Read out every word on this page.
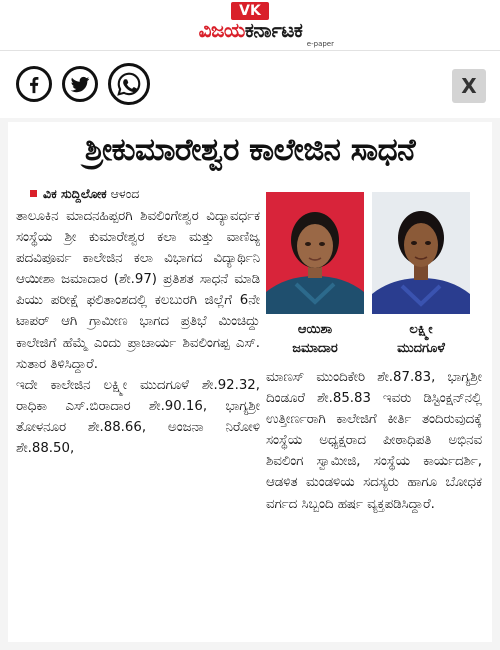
VK
ವಿಜಯಕರ್ನಾಟಕ
e-paper
X
ಶ್ರೀಕುಮಾರೇಶ್ವರ ಕಾಲೇಜಿನ ಸಾಧನೆ
ವಿಕ ಸುದ್ದಿಲೋಕ ಆಳಂದ

ತಾಲೂಕಿನ ಮಾದನಹಿಪ್ಪರಗಿ ಶಿವಲಿಂಗೇಶ್ವರ ವಿದ್ಯಾವರ್ಧಕ ಸಂಸ್ಥೆಯ ಶ್ರೀ ಕುಮಾರೇಶ್ವರ ಕಲಾ ಮತ್ತು ವಾಣಿಜ್ಯ ಪದವಿಪೂರ್ವ ಕಾಲೇಜಿನ ಕಲಾ ವಿಭಾಗದ ವಿದ್ಯಾರ್ಥಿನಿ ಆಯೀಶಾ ಜಮಾದಾರ (ಶೇ.97) ಪ್ರತಿಶತ ಸಾಧನೆ ಮಾಡಿ ಪಿಯು ಪರೀಕ್ಷೆ ಫಲಿತಾಂಶದಲ್ಲಿ ಕಲಬುರಗಿ ಜಿಲ್ಲೆಗೆ 6ನೇ ಟಾಪರ್ ಆಗಿ ಗ್ರಾಮೀಣ ಭಾಗದ ಪ್ರತಿಭೆ ಮಿಂಚಿದ್ದು ಕಾಲೇಜಿಗೆ ಹೆಮ್ಮೆ ಎಂದು ಪ್ರಾಚಾರ್ಯ ಶಿವಲಿಂಗಪ್ಪ ಎಸ್. ಸುತಾರ ತಿಳಿಸಿದ್ದಾರೆ.

ಇದೇ ಕಾಲೇಜಿನ ಲಕ್ಷ್ಮೀ ಮುದಗೂಳೆ ಶೇ.92.32, ರಾಧಿಕಾ ಎಸ್.ಬಿರಾದಾರ ಶೇ.90.16, ಭಾಗ್ಯಶ್ರೀ ತೋಳನೂರ ಶೇ.88.66, ಅಂಜನಾ ನಿರೋಳಿ ಶೇ.88.50,

ಆಯಿಶಾ
ಜಮಾದಾರ
ಲಕ್ಷ್ಮೀ
ಮುದಗೂಳೆ

ಮಾಣಸ್ ಮುಂದಿಕೇರಿ ಶೇ.87.83, ಭಾಗ್ಯಶ್ರೀ ದಿಂಡೂರೆ ಶೇ.85.83 ಇವರು ಡಿಸ್ಟಿಂಕ್ಷನ್‌ನಲ್ಲಿ ಉತ್ತೀರ್ಣರಾಗಿ ಕಾಲೇಜಿಗೆ ಕೀರ್ತಿ ತಂದಿರುವುದಕ್ಕೆ ಸಂಸ್ಥೆಯ ಅಧ್ಯಕ್ಷರಾದ ಪೀಠಾಧಿಪತಿ ಅಭಿನವ ಶಿವಲಿಂಗ ಸ್ವಾಮೀಜಿ, ಸಂಸ್ಥೆಯ ಕಾರ್ಯದರ್ಶಿ, ಆಡಳಿತ ಮಂಡಳಿಯ ಸದಸ್ಯರು ಹಾಗೂ ಬೋಧಕ ವರ್ಗದ ಸಿಬ್ಬಂದಿ ಹರ್ಷ ವ್ಯಕ್ತಪಡಿಸಿದ್ದಾರೆ.
